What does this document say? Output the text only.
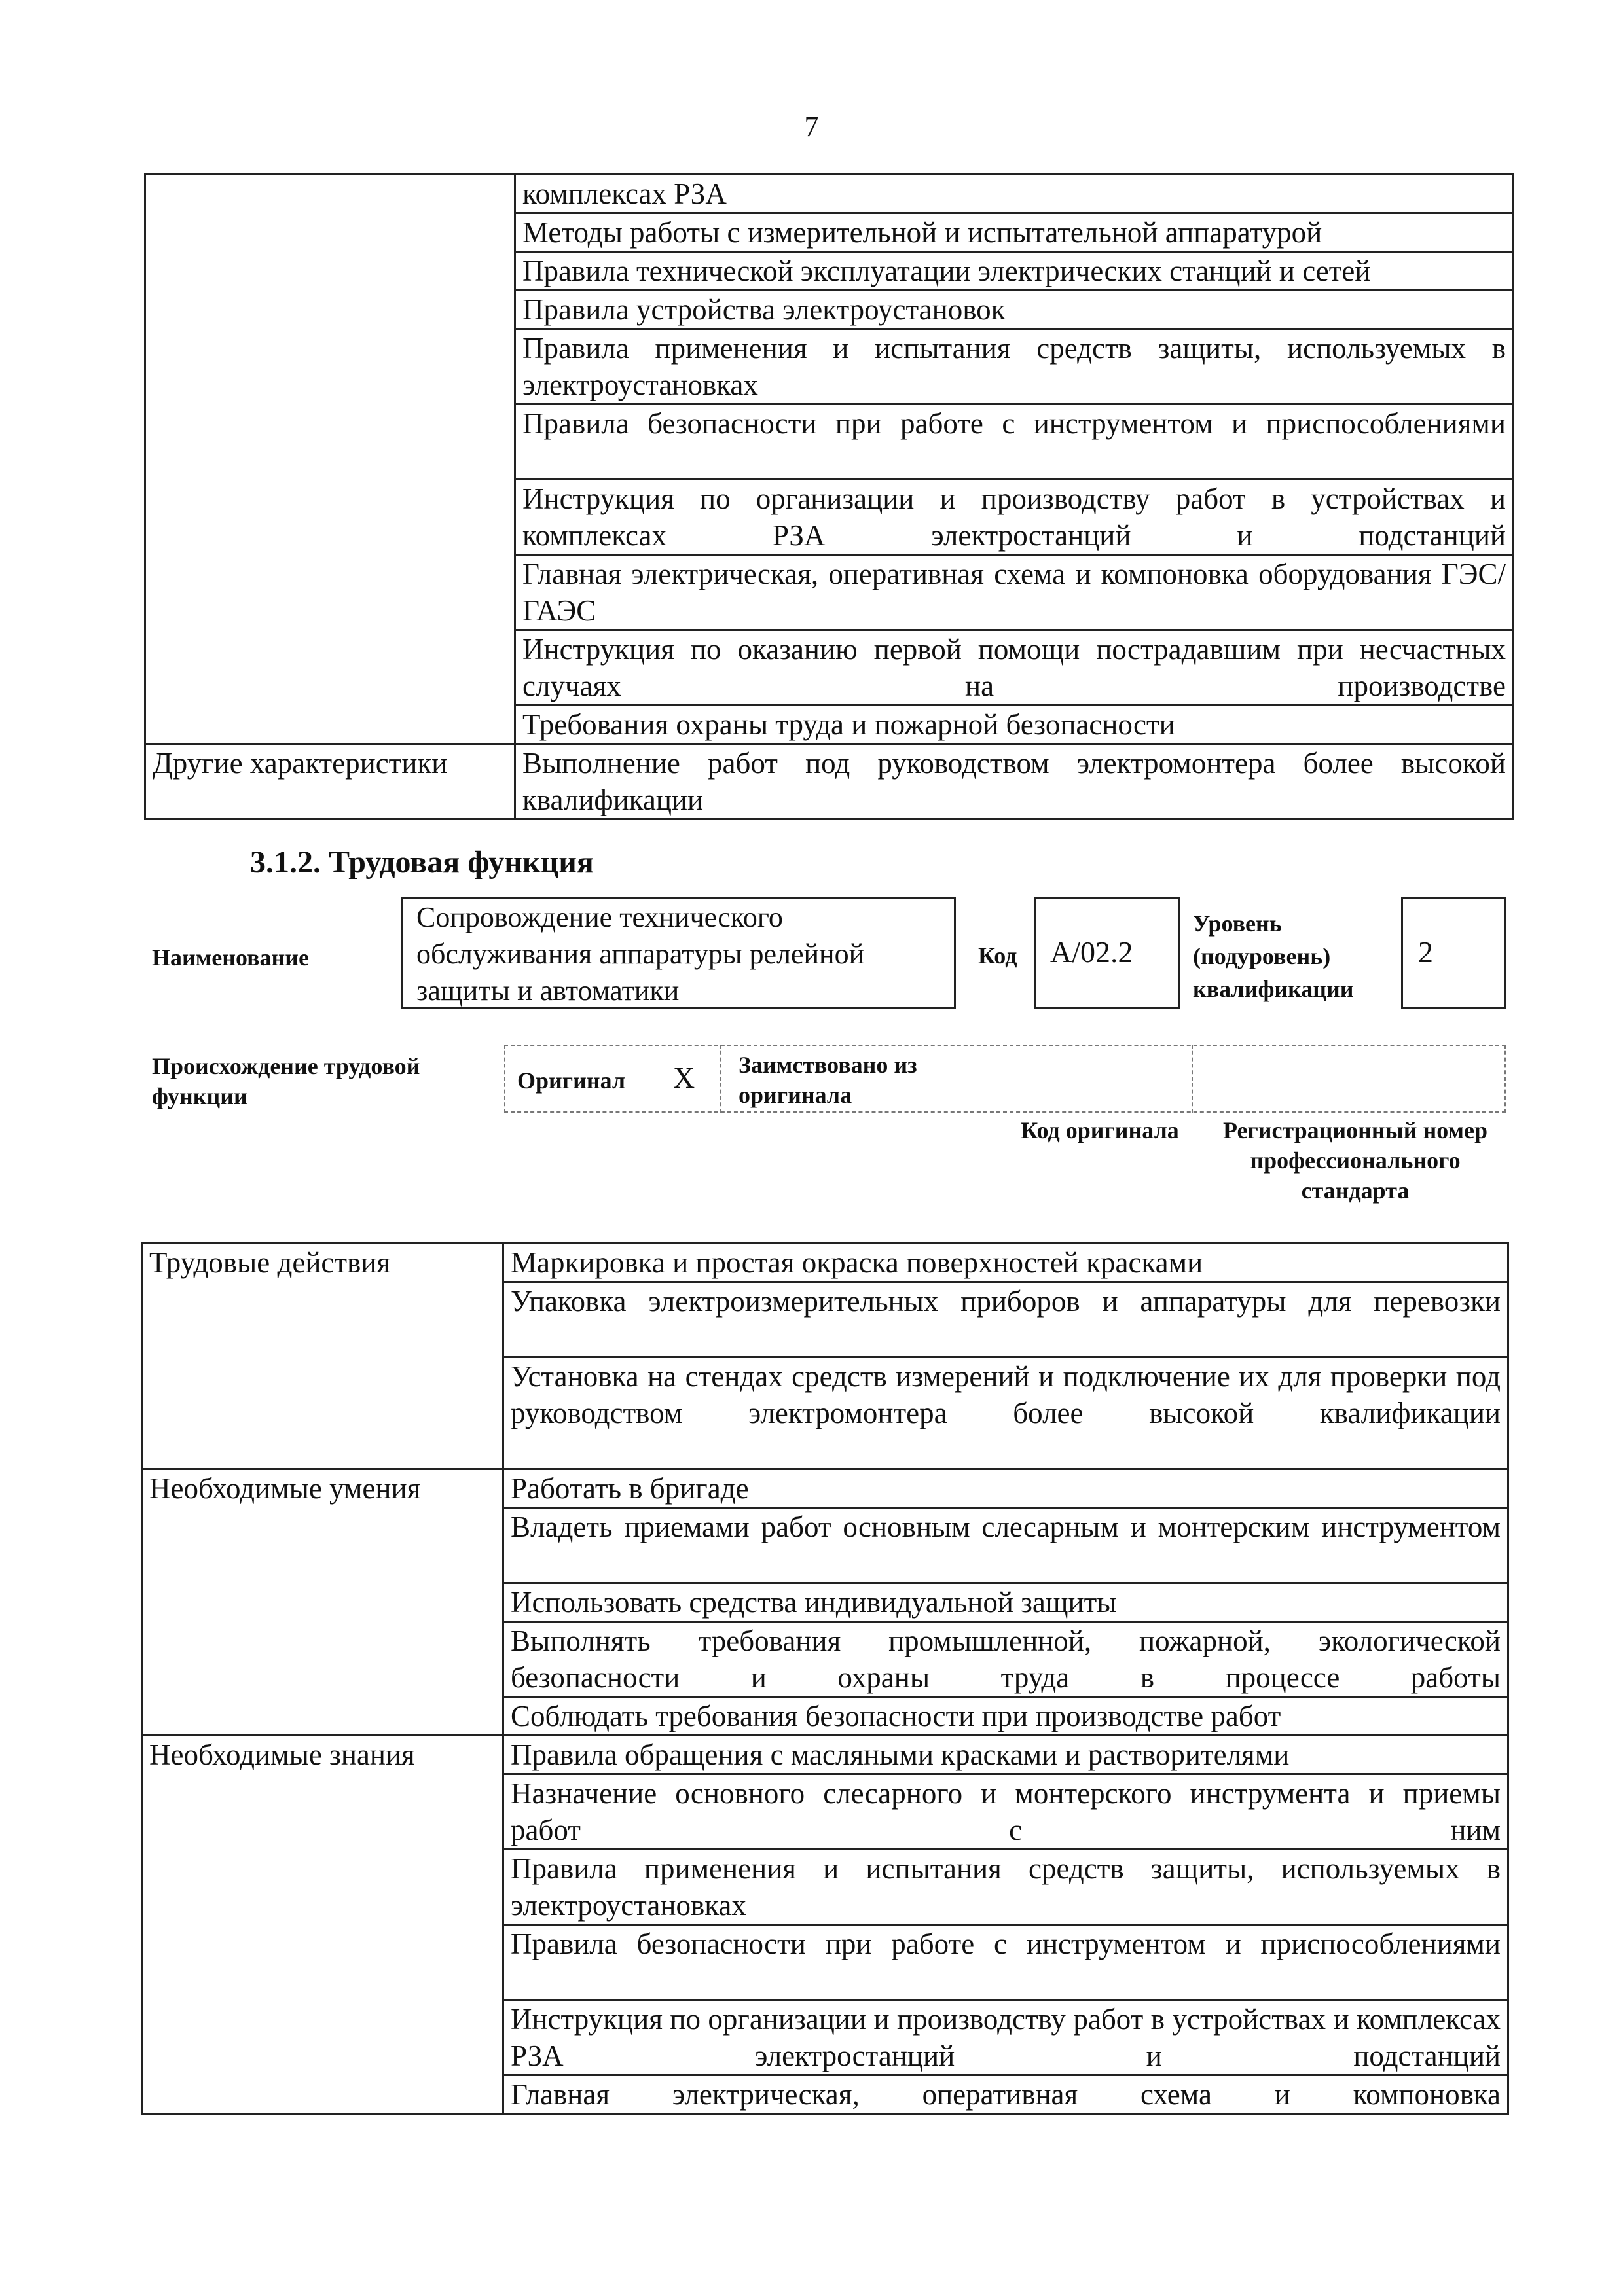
7
	комплексах РЗА
	Методы работы с измерительной и испытательной аппаратурой
	Правила технической эксплуатации электрических станций и сетей
	Правила устройства электроустановок
	Правила применения и испытания средств защиты, используемых в электроустановках
	Правила безопасности при работе с инструментом и приспособлениями
	Инструкция по организации и производству работ в устройствах и комплексах РЗА электростанций и подстанций
	Главная электрическая, оперативная схема и компоновка оборудования ГЭС/ГАЭС
	Инструкция по оказанию первой помощи пострадавшим при несчастных случаях на производстве
	Требования охраны труда и пожарной безопасности
Другие характеристики	Выполнение работ под руководством электромонтера более высокой квалификации
3.1.2. Трудовая функция
Наименование
Сопровождение технического обслуживания аппаратуры релейной защиты и автоматики
Код A/02.2
Уровень (подуровень) квалификации
2
Происхождение трудовой функции
Оригинал X Заимствовано из оригинала
Код оригинала	Регистрационный номер профессионального стандарта
Трудовые действия	Маркировка и простая окраска поверхностей красками
	Упаковка электроизмерительных приборов и аппаратуры для перевозки
	Установка на стендах средств измерений и подключение их для проверки под руководством электромонтера более высокой квалификации
Необходимые умения	Работать в бригаде
	Владеть приемами работ основным слесарным и монтерским инструментом
	Использовать средства индивидуальной защиты
	Выполнять требования промышленной, пожарной, экологической безопасности и охраны труда в процессе работы
	Соблюдать требования безопасности при производстве работ
Необходимые знания	Правила обращения с масляными красками и растворителями
	Назначение основного слесарного и монтерского инструмента и приемы работ с ним
	Правила применения и испытания средств защиты, используемых в электроустановках
	Правила безопасности при работе с инструментом и приспособлениями
	Инструкция по организации и производству работ в устройствах и комплексах РЗА электростанций и подстанций
	Главная электрическая, оперативная схема и компоновка
